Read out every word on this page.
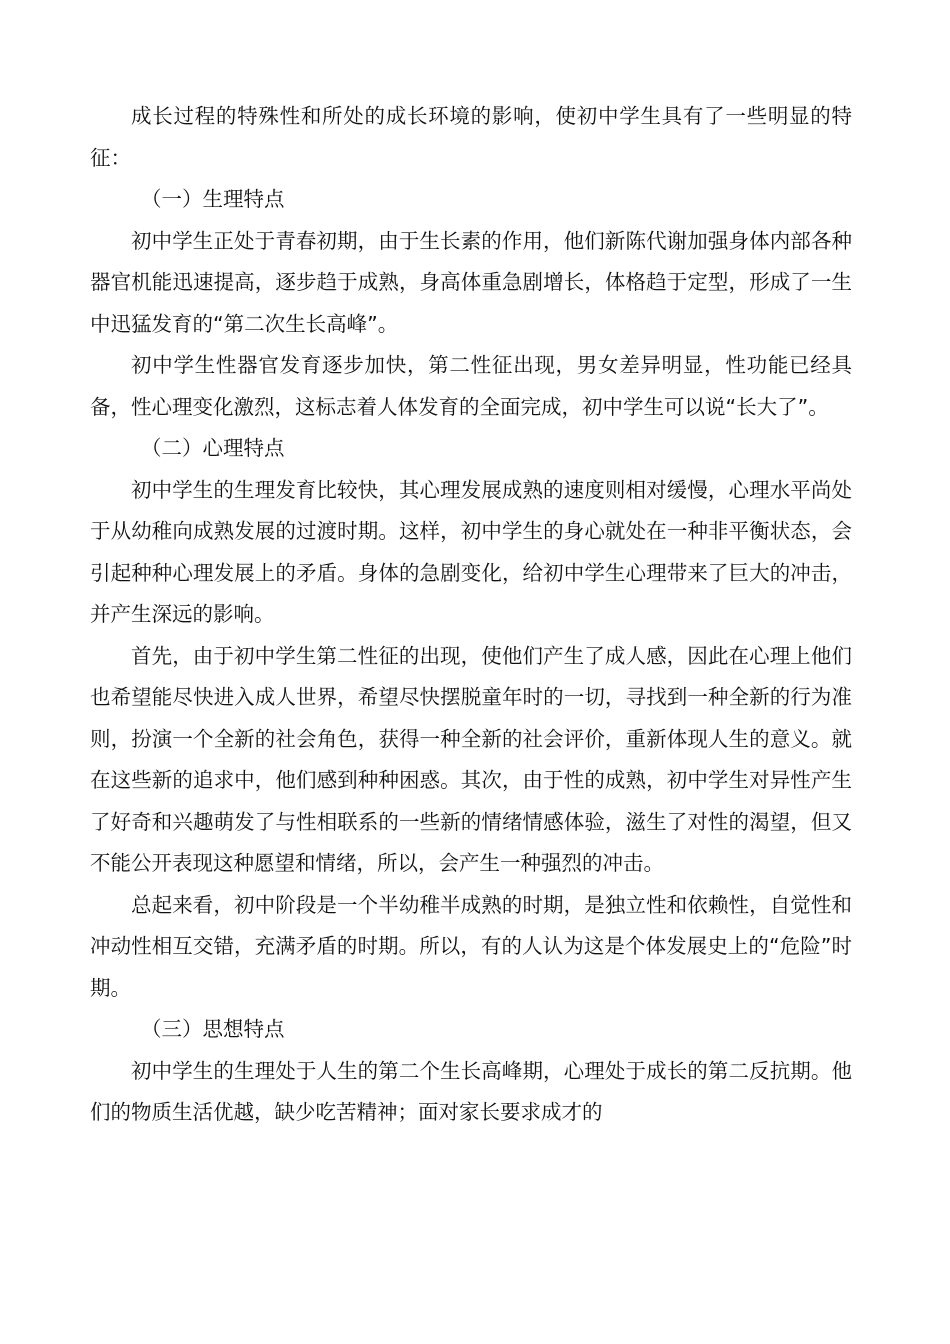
成长过程的特殊性和所处的成长环境的影响，使初中学生具有了一些明显的特征：

（一）生理特点

初中学生正处于青春初期，由于生长素的作用，他们新陈代谢加强身体内部各种器官机能迅速提高，逐步趋于成熟，身高体重急剧增长，体格趋于定型，形成了一生中迅猛发育的“第二次生长高峰”。

初中学生性器官发育逐步加快，第二性征出现，男女差异明显，性功能已经具备，性心理变化激烈，这标志着人体发育的全面完成，初中学生可以说“长大了”。

（二）心理特点

初中学生的生理发育比较快，其心理发展成熟的速度则相对缓慢，心理水平尚处于从幼稚向成熟发展的过渡时期。这样，初中学生的身心就处在一种非平衡状态，会引起种种心理发展上的矛盾。身体的急剧变化，给初中学生心理带来了巨大的冲击，并产生深远的影响。

首先，由于初中学生第二性征的出现，使他们产生了成人感，因此在心理上他们也希望能尽快进入成人世界，希望尽快摆脱童年时的一切，寻找到一种全新的行为准则，扮演一个全新的社会角色，获得一种全新的社会评价，重新体现人生的意义。就在这些新的追求中，他们感到种种困惑。其次，由于性的成熟，初中学生对异性产生了好奇和兴趣萌发了与性相联系的一些新的情绪情感体验，滋生了对性的渴望，但又不能公开表现这种愿望和情绪，所以，会产生一种强烈的冲击。

总起来看，初中阶段是一个半幼稚半成熟的时期，是独立性和依赖性，自觉性和冲动性相互交错，充满矛盾的时期。所以，有的人认为这是个体发展史上的“危险”时期。

（三）思想特点

初中学生的生理处于人生的第二个生长高峰期，心理处于成长的第二反抗期。他们的物质生活优越，缺少吃苦精神；面对家长要求成才的
